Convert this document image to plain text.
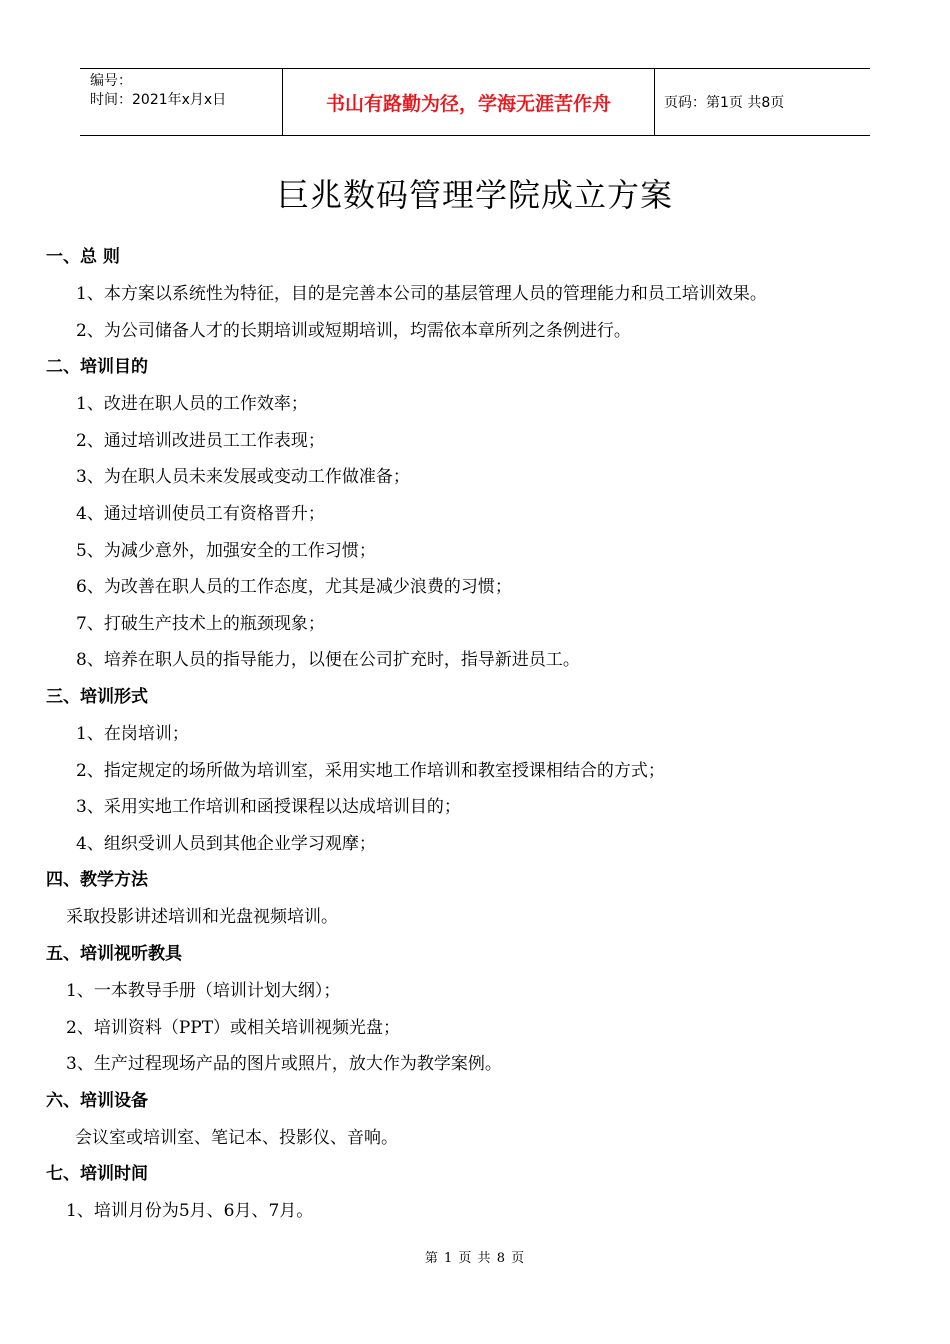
编号：
时间：2021年x月x日	书山有路勤为径，学海无涯苦作舟	页码：第1页 共8页
巨兆数码管理学院成立方案
一、总 则
1、本方案以系统性为特征，目的是完善本公司的基层管理人员的管理能力和员工培训效果。
2、为公司储备人才的长期培训或短期培训，均需依本章所列之条例进行。
二、培训目的
1、改进在职人员的工作效率；
2、通过培训改进员工工作表现；
3、为在职人员未来发展或变动工作做准备；
4、通过培训使员工有资格晋升；
5、为减少意外，加强安全的工作习惯；
6、为改善在职人员的工作态度，尤其是减少浪费的习惯；
7、打破生产技术上的瓶颈现象；
8、培养在职人员的指导能力，以便在公司扩充时，指导新进员工。
三、培训形式
1、在岗培训；
2、指定规定的场所做为培训室，采用实地工作培训和教室授课相结合的方式；
3、采用实地工作培训和函授课程以达成培训目的；
4、组织受训人员到其他企业学习观摩；
四、教学方法
采取投影讲述培训和光盘视频培训。
五、培训视听教具
1、一本教导手册（培训计划大纲）；
2、培训资料（PPT）或相关培训视频光盘；
3、生产过程现场产品的图片或照片，放大作为教学案例。
六、培训设备
会议室或培训室、笔记本、投影仪、音响。
七、培训时间
1、培训月份为5月、6月、7月。
第 1 页 共 8 页
